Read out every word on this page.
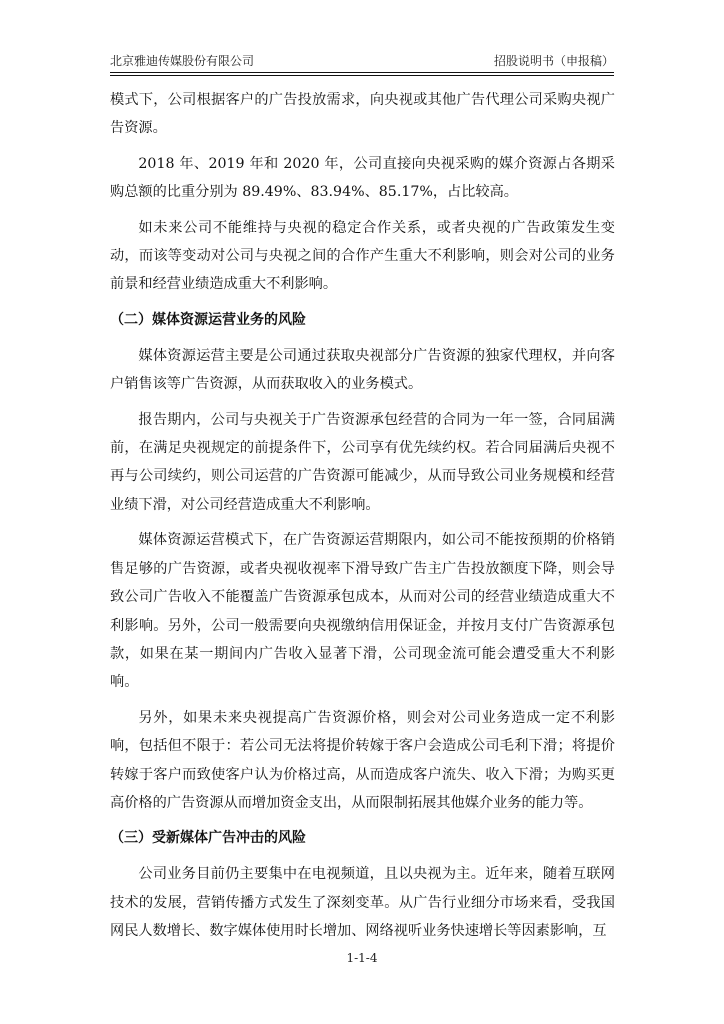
北京雅迪传媒股份有限公司	招股说明书（申报稿）

模式下，公司根据客户的广告投放需求，向央视或其他广告代理公司采购央视广告资源。

2018 年、2019 年和 2020 年，公司直接向央视采购的媒介资源占各期采购总额的比重分别为 89.49%、83.94%、85.17%，占比较高。

如未来公司不能维持与央视的稳定合作关系，或者央视的广告政策发生变动，而该等变动对公司与央视之间的合作产生重大不利影响，则会对公司的业务前景和经营业绩造成重大不利影响。

（二）媒体资源运营业务的风险

媒体资源运营主要是公司通过获取央视部分广告资源的独家代理权，并向客户销售该等广告资源，从而获取收入的业务模式。

报告期内，公司与央视关于广告资源承包经营的合同为一年一签，合同届满前，在满足央视规定的前提条件下，公司享有优先续约权。若合同届满后央视不再与公司续约，则公司运营的广告资源可能减少，从而导致公司业务规模和经营业绩下滑，对公司经营造成重大不利影响。

媒体资源运营模式下，在广告资源运营期限内，如公司不能按预期的价格销售足够的广告资源，或者央视收视率下滑导致广告主广告投放额度下降，则会导致公司广告收入不能覆盖广告资源承包成本，从而对公司的经营业绩造成重大不利影响。另外，公司一般需要向央视缴纳信用保证金，并按月支付广告资源承包款，如果在某一期间内广告收入显著下滑，公司现金流可能会遭受重大不利影响。

另外，如果未来央视提高广告资源价格，则会对公司业务造成一定不利影响，包括但不限于：若公司无法将提价转嫁于客户会造成公司毛利下滑；将提价转嫁于客户而致使客户认为价格过高，从而造成客户流失、收入下滑；为购买更高价格的广告资源从而增加资金支出，从而限制拓展其他媒介业务的能力等。

（三）受新媒体广告冲击的风险

公司业务目前仍主要集中在电视频道，且以央视为主。近年来，随着互联网技术的发展，营销传播方式发生了深刻变革。从广告行业细分市场来看，受我国网民人数增长、数字媒体使用时长增加、网络视听业务快速增长等因素影响，互

1-1-4
